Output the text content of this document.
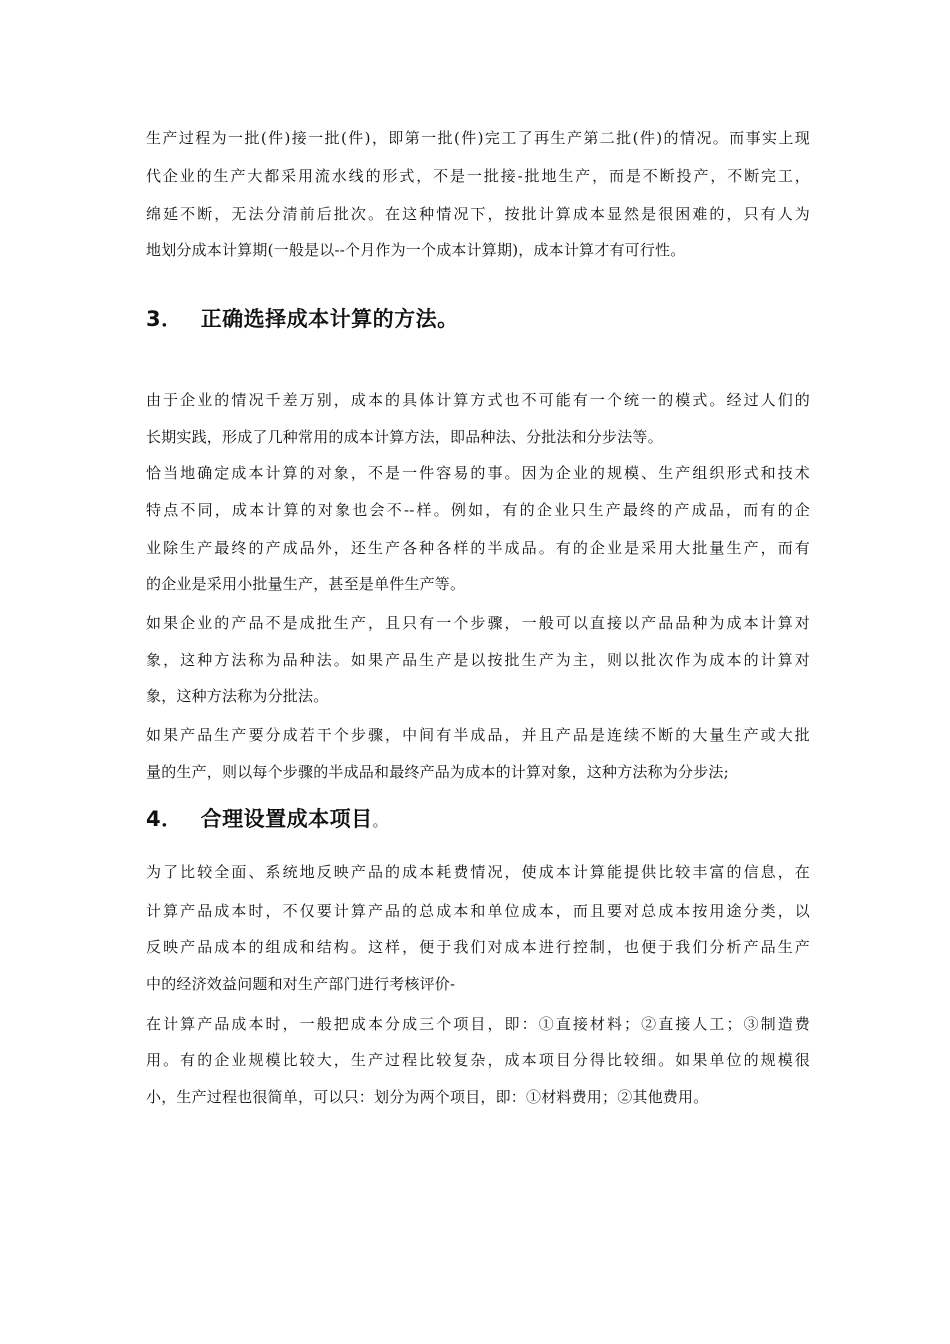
生产过程为一批(件)接一批(件)，即第一批(件)完工了再生产第二批(件)的情况。而事实上现
代企业的生产大都采用流水线的形式，不是一批接-批地生产，而是不断投产，不断完工，
绵延不断，无法分清前后批次。在这种情况下，按批计算成本显然是很困难的，只有人为
地划分成本计算期(一般是以--个月作为一个成本计算期)，成本计算才有可行性。
3． 正确选择成本计算的方法。
由于企业的情况千差万别，成本的具体计算方式也不可能有一个统一的模式。经过人们的
长期实践，形成了几种常用的成本计算方法，即品种法、分批法和分步法等。
恰当地确定成本计算的对象，不是一件容易的事。因为企业的规模、生产组织形式和技术
特点不同，成本计算的对象也会不--样。例如，有的企业只生产最终的产成品，而有的企
业除生产最终的产成品外，还生产各种各样的半成品。有的企业是采用大批量生产，而有
的企业是采用小批量生产，甚至是单件生产等。
如果企业的产品不是成批生产，且只有一个步骤，一般可以直接以产品品种为成本计算对
象，这种方法称为品种法。如果产品生产是以按批生产为主，则以批次作为成本的计算对
象，这种方法称为分批法。
如果产品生产要分成若干个步骤，中间有半成品，并且产品是连续不断的大量生产或大批
量的生产，则以每个步骤的半成品和最终产品为成本的计算对象，这种方法称为分步法;
4． 合理设置成本项目。
为了比较全面、系统地反映产品的成本耗费情况，使成本计算能提供比较丰富的信息，在
计算产品成本时，不仅要计算产品的总成本和单位成本，而且要对总成本按用途分类，以
反映产品成本的组成和结构。这样，便于我们对成本进行控制，也便于我们分析产品生产
中的经济效益问题和对生产部门进行考核评价-
在计算产品成本时，一般把成本分成三个项目，即：①直接材料；②直接人工；③制造费
用。有的企业规模比较大，生产过程比较复杂，成本项目分得比较细。如果单位的规模很
小，生产过程也很简单，可以只：划分为两个项目，即：①材料费用；②其他费用。
